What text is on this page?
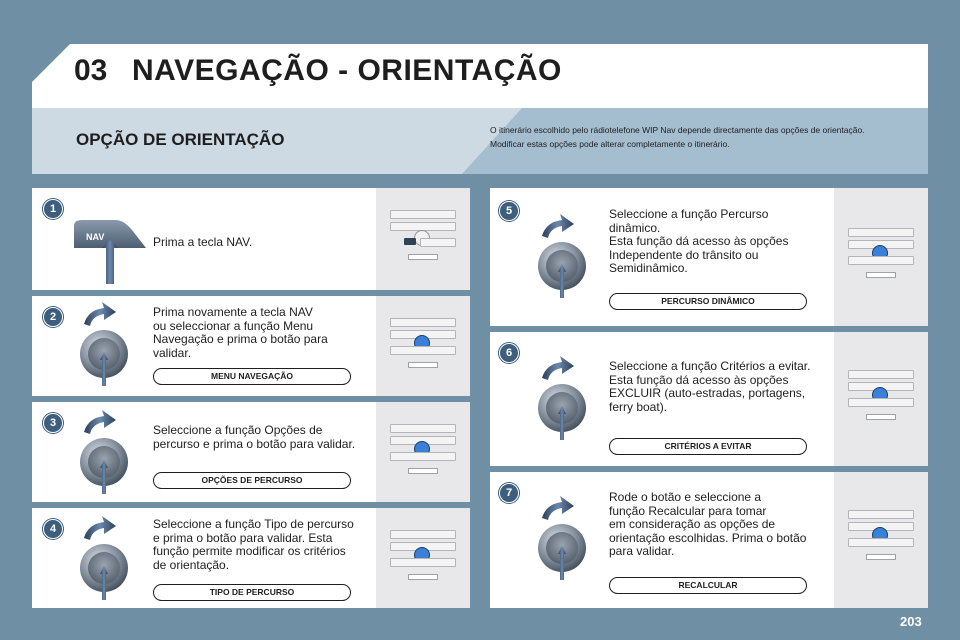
03 NAVEGAÇÃO - ORIENTAÇÃO
OPÇÃO DE ORIENTAÇÃO	O itinerário escolhido pelo rádiotelefone WIP Nav depende directamente das opções de orientação.
Modificar estas opções pode alterar completamente o itinerário.
1
NAV	Prima a tecla NAV.
2	Prima novamente a tecla NAV
ou seleccionar a função Menu
Navegação e prima o botão para
validar.
MENU NAVEGAÇÃO
3	Seleccione a função Opções de
percurso e prima o botão para validar.
OPÇÕES DE PERCURSO
4	Seleccione a função Tipo de percurso
e prima o botão para validar. Esta
função permite modificar os critérios
de orientação.
TIPO DE PERCURSO
5	Seleccione a função Percurso
dinâmico.
Esta função dá acesso às opções
Independente do trânsito ou
Semidinâmico.
PERCURSO DINÂMICO
6
Seleccione a função Critérios a evitar.
Esta função dá acesso às opções
EXCLUIR (auto-estradas, portagens,
ferry boat).
CRITÉRIOS A EVITAR
7	Rode o botão e seleccione a
função Recalcular para tomar
em consideração as opções de
orientação escolhidas. Prima o botão
para validar.
RECALCULAR
203
